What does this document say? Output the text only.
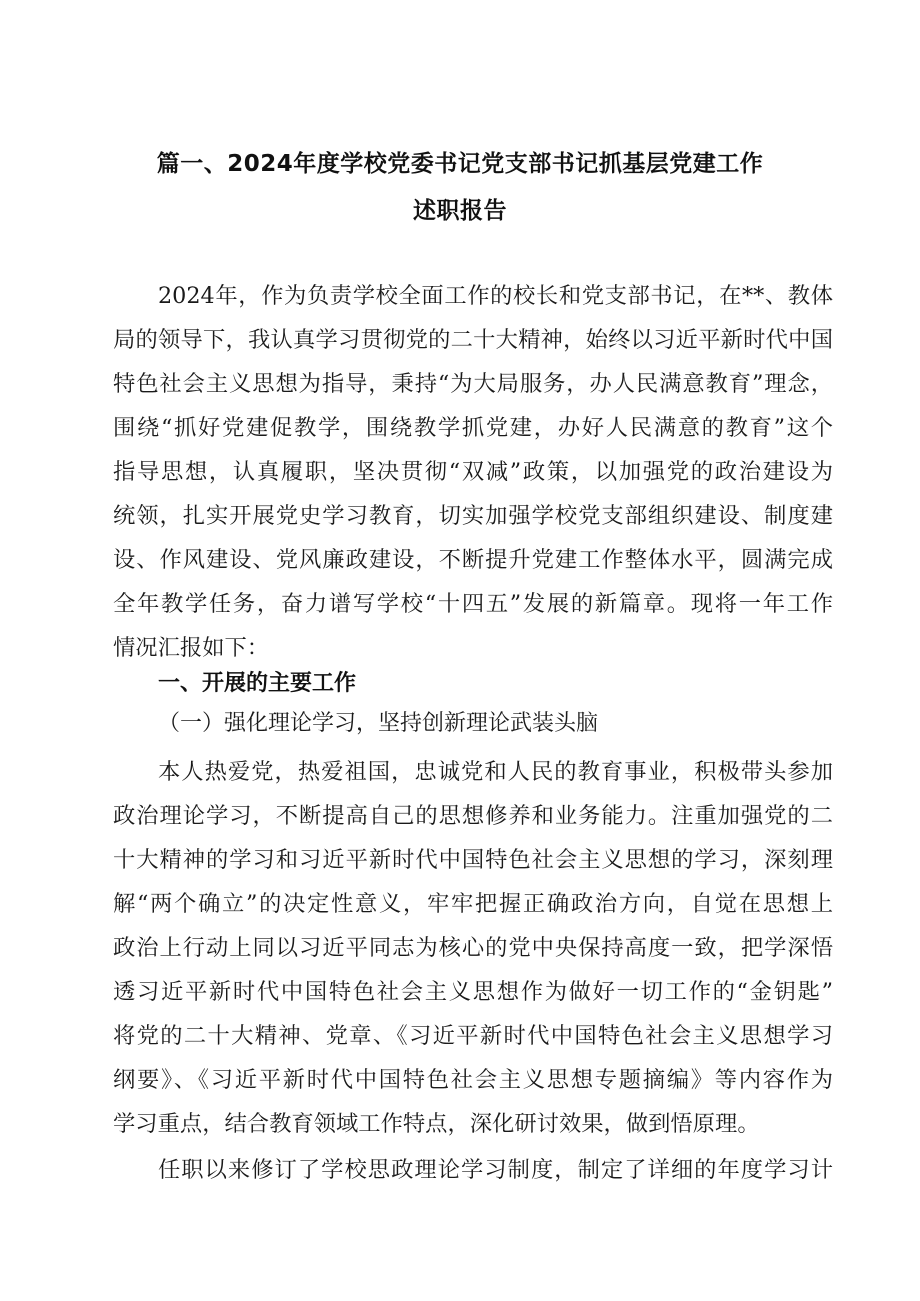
篇一、2024年度学校党委书记党支部书记抓基层党建工作
述职报告
2024年，作为负责学校全面工作的校长和党支部书记，在**、教体
局的领导下，我认真学习贯彻党的二十大精神，始终以习近平新时代中国
特色社会主义思想为指导，秉持“为大局服务，办人民满意教育”理念，
围绕“抓好党建促教学，围绕教学抓党建，办好人民满意的教育”这个
指导思想，认真履职，坚决贯彻“双减”政策，以加强党的政治建设为
统领，扎实开展党史学习教育，切实加强学校党支部组织建设、制度建
设、作风建设、党风廉政建设，不断提升党建工作整体水平，圆满完成
全年教学任务，奋力谱写学校“十四五”发展的新篇章。现将一年工作
情况汇报如下：
一、开展的主要工作
（一）强化理论学习，坚持创新理论武装头脑
本人热爱党，热爱祖国，忠诚党和人民的教育事业，积极带头参加
政治理论学习，不断提高自己的思想修养和业务能力。注重加强党的二
十大精神的学习和习近平新时代中国特色社会主义思想的学习，深刻理
解“两个确立”的决定性意义，牢牢把握正确政治方向，自觉在思想上
政治上行动上同以习近平同志为核心的党中央保持高度一致，把学深悟
透习近平新时代中国特色社会主义思想作为做好一切工作的“金钥匙”
将党的二十大精神、党章、《习近平新时代中国特色社会主义思想学习
纲要》、《习近平新时代中国特色社会主义思想专题摘编》等内容作为
学习重点，结合教育领域工作特点，深化研讨效果，做到悟原理。
任职以来修订了学校思政理论学习制度，制定了详细的年度学习计
